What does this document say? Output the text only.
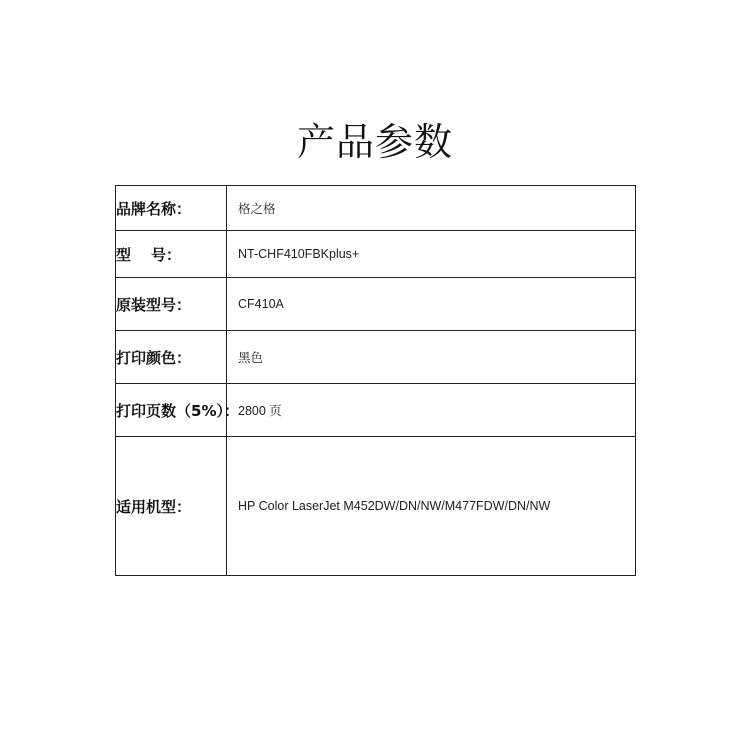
产品参数
品牌名称：	格之格
型 号：	NT-CHF410FBKplus+
原装型号：	CF410A
打印颜色：	黑色
打印页数（5%）：	2800 页
适用机型：	HP Color LaserJet M452DW/DN/NW/M477FDW/DN/NW
